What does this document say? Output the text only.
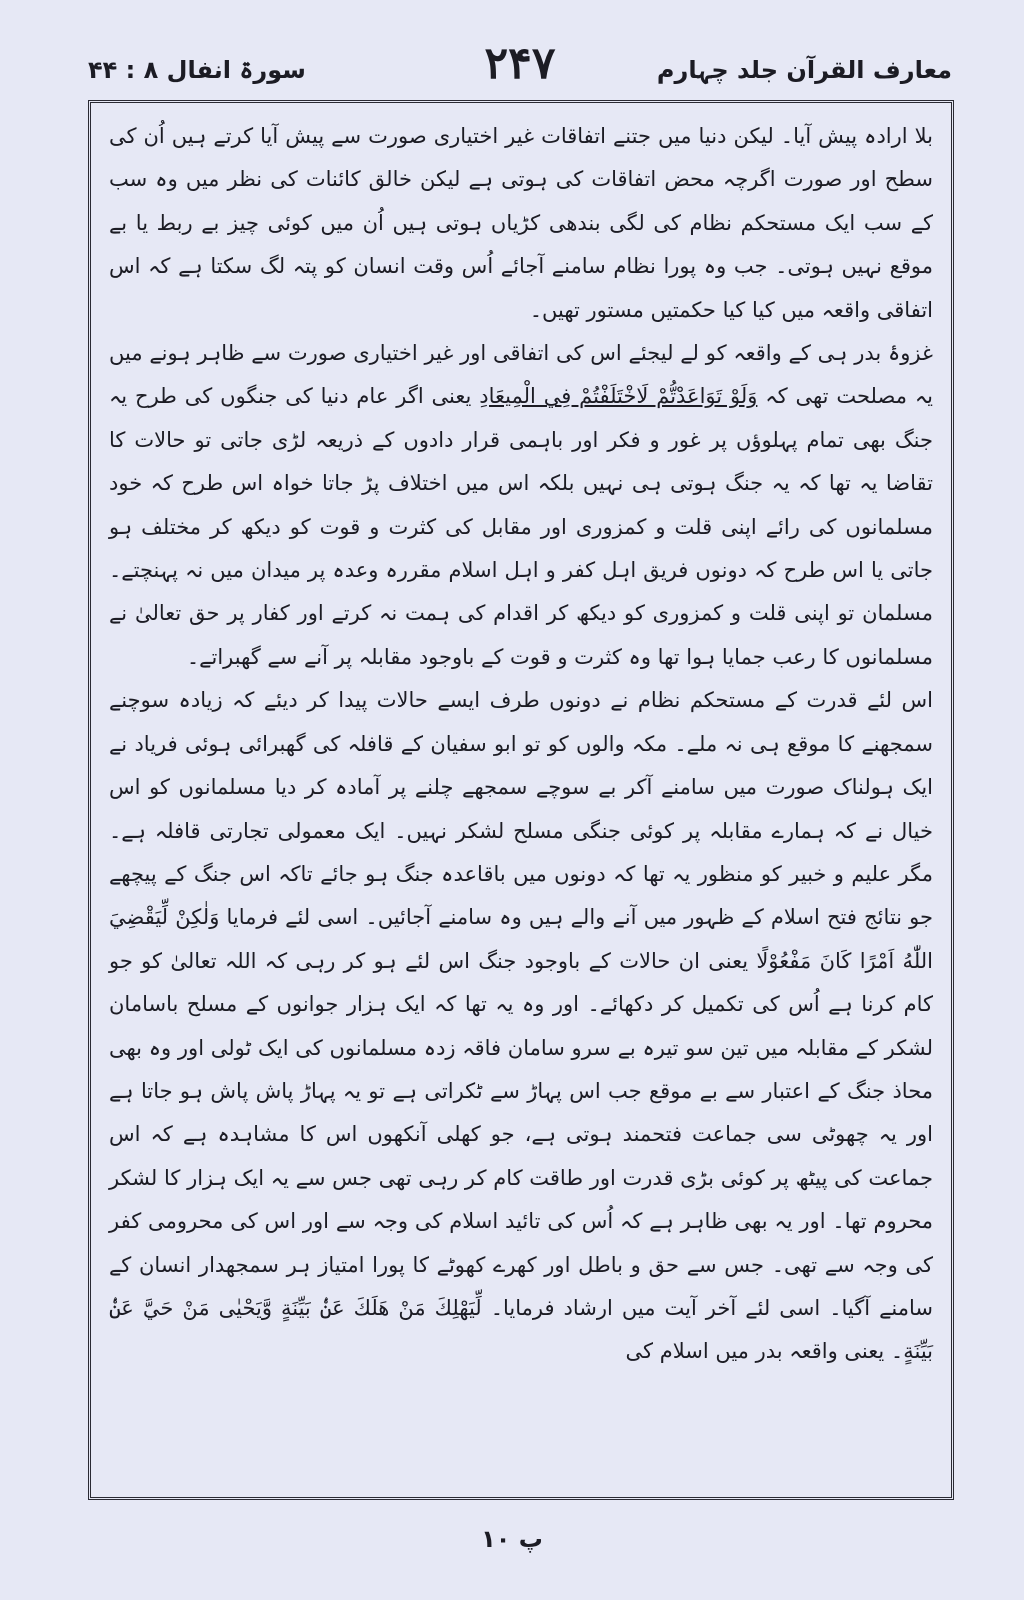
سورۃ انفال ۸ : ۴۴	۲۴۷	معارف القرآن جلد چہارم

بلا ارادہ پیش آیا۔ لیکن دنیا میں جتنے اتفاقات غیر اختیاری صورت سے پیش آیا کرتے ہیں اُن کی سطح اور صورت اگرچہ محض اتفاقات کی ہوتی ہے لیکن خالق کائنات کی نظر میں وہ سب کے سب ایک مستحکم نظام کی لگی بندھی کڑیاں ہوتی ہیں اُن میں کوئی چیز بے ربط یا بے موقع نہیں ہوتی۔ جب وہ پورا نظام سامنے آجائے اُس وقت انسان کو پتہ لگ سکتا ہے کہ اس اتفاقی واقعہ میں کیا کیا حکمتیں مستور تھیں۔

غزوۂ بدر ہی کے واقعہ کو لے لیجئے اس کی اتفاقی اور غیر اختیاری صورت سے ظاہر ہونے میں یہ مصلحت تھی کہ وَلَوْ تَوَاعَدْتُّمْ لَاخْتَلَفْتُمْ فِي الْمِيعَادِ یعنی اگر عام دنیا کی جنگوں کی طرح یہ جنگ بھی تمام پہلوؤں پر غور و فکر اور باہمی قرار دادوں کے ذریعہ لڑی جاتی تو حالات کا تقاضا یہ تھا کہ یہ جنگ ہوتی ہی نہیں بلکہ اس میں اختلاف پڑ جاتا خواہ اس طرح کہ خود مسلمانوں کی رائے اپنی قلت و کمزوری اور مقابل کی کثرت و قوت کو دیکھ کر مختلف ہو جاتی یا اس طرح کہ دونوں فریق اہل کفر و اہل اسلام مقررہ وعدہ پر میدان میں نہ پہنچتے۔ مسلمان تو اپنی قلت و کمزوری کو دیکھ کر اقدام کی ہمت نہ کرتے اور کفار پر حق تعالیٰ نے مسلمانوں کا رعب جمایا ہوا تھا وہ کثرت و قوت کے باوجود مقابلہ پر آنے سے گھبراتے۔

اس لئے قدرت کے مستحکم نظام نے دونوں طرف ایسے حالات پیدا کر دیئے کہ زیادہ سوچنے سمجھنے کا موقع ہی نہ ملے۔ مکہ والوں کو تو ابو سفیان کے قافلہ کی گھبرائی ہوئی فریاد نے ایک ہولناک صورت میں سامنے آکر بے سوچے سمجھے چلنے پر آمادہ کر دیا مسلمانوں کو اس خیال نے کہ ہمارے مقابلہ پر کوئی جنگی مسلح لشکر نہیں۔ ایک معمولی تجارتی قافلہ ہے۔ مگر علیم و خبیر کو منظور یہ تھا کہ دونوں میں باقاعدہ جنگ ہو جائے تاکہ اس جنگ کے پیچھے جو نتائج فتح اسلام کے ظہور میں آنے والے ہیں وہ سامنے آجائیں۔ اسی لئے فرمایا وَلٰكِنْ لِّيَقْضِيَ اللّٰهُ اَمْرًا كَانَ مَفْعُوْلًا یعنی ان حالات کے باوجود جنگ اس لئے ہو کر رہی کہ اللہ تعالیٰ کو جو کام کرنا ہے اُس کی تکمیل کر دکھائے۔ اور وہ یہ تھا کہ ایک ہزار جوانوں کے مسلح باسامان لشکر کے مقابلہ میں تین سو تیرہ بے سرو سامان فاقہ زدہ مسلمانوں کی ایک ٹولی اور وہ بھی محاذ جنگ کے اعتبار سے بے موقع جب اس پہاڑ سے ٹکراتی ہے تو یہ پہاڑ پاش پاش ہو جاتا ہے اور یہ چھوٹی سی جماعت فتحمند ہوتی ہے، جو کھلی آنکھوں اس کا مشاہدہ ہے کہ اس جماعت کی پیٹھ پر کوئی بڑی قدرت اور طاقت کام کر رہی تھی جس سے یہ ایک ہزار کا لشکر محروم تھا۔ اور یہ بھی ظاہر ہے کہ اُس کی تائید اسلام کی وجہ سے اور اس کی محرومی کفر کی وجہ سے تھی۔ جس سے حق و باطل اور کھرے کھوٹے کا پورا امتیاز ہر سمجھدار انسان کے سامنے آگیا۔ اسی لئے آخر آیت میں ارشاد فرمایا۔ لِّيَهْلِكَ مَنْ هَلَكَ عَنْۢ بَيِّنَةٍ وَّيَحْيٰى مَنْ حَيَّ عَنْۢ بَيِّنَةٍ۔ یعنی واقعہ بدر میں اسلام کی

پ ۱۰
